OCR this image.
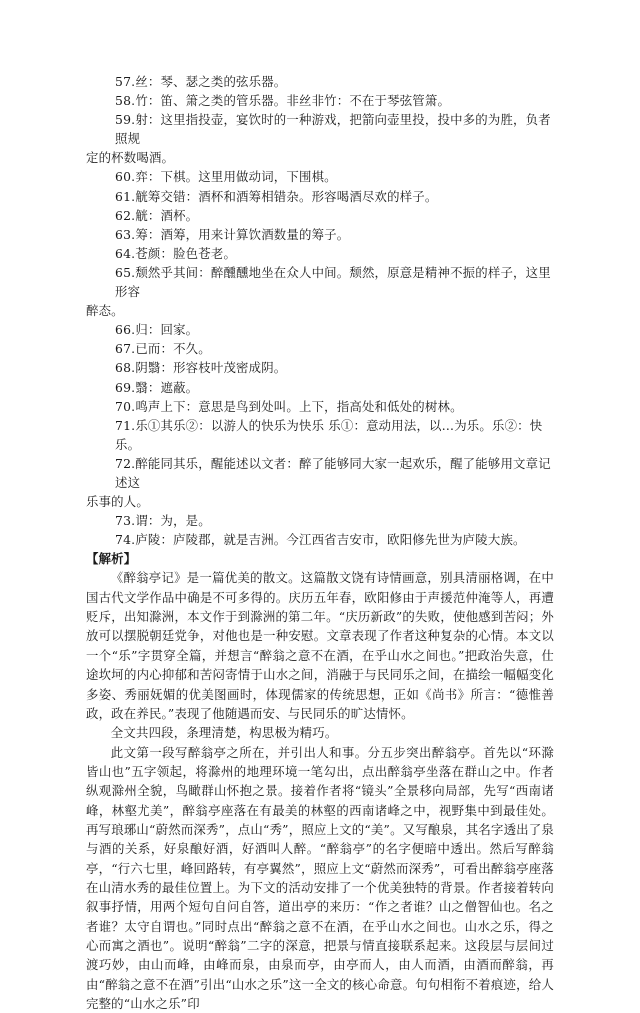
57.丝：琴、瑟之类的弦乐器。
58.竹：笛、箫之类的管乐器。非丝非竹：不在于琴弦管箫。
59.射：这里指投壶，宴饮时的一种游戏，把箭向壶里投，投中多的为胜，负者照规
定的杯数喝酒。
60.弈：下棋。这里用做动词，下围棋。
61.觥筹交错：酒杯和酒筹相错杂。形容喝酒尽欢的样子。
62.觥：酒杯。
63.筹：酒筹，用来计算饮酒数量的筹子。
64.苍颜：脸色苍老。
65.颓然乎其间：醉醺醺地坐在众人中间。颓然，原意是精神不振的样子，这里形容
醉态。
66.归：回家。
67.已而：不久。
68.阴翳：形容枝叶茂密成阴。
69.翳：遮蔽。
70.鸣声上下：意思是鸟到处叫。上下，指高处和低处的树林。
71.乐①其乐②：以游人的快乐为快乐 乐①：意动用法，以…为乐。乐②：快乐。
72.醉能同其乐，醒能述以文者：醉了能够同大家一起欢乐，醒了能够用文章记述这
乐事的人。
73.谓：为，是。
74.庐陵：庐陵郡，就是吉洲。今江西省吉安市，欧阳修先世为庐陵大族。
【解析】
《醉翁亭记》是一篇优美的散文。这篇散文饶有诗情画意，别具清丽格调，在中国古代文学作品中确是不可多得的。庆历五年春，欧阳修由于声援范仲淹等人，再遭贬斥，出知滁洲，本文作于到滁洲的第二年。“庆历新政”的失败，使他感到苦闷；外放可以摆脱朝廷党争，对他也是一种安慰。文章表现了作者这种复杂的心情。本文以一个“乐”字贯穿全篇，并想言“醉翁之意不在酒，在乎山水之间也。”把政治失意，仕途坎坷的内心抑郁和苦闷寄情于山水之间，消融于与民同乐之间，在描绘一幅幅变化多姿、秀丽妩媚的优美图画时，体现儒家的传统思想，正如《尚书》所言：“德惟善政，政在养民。”表现了他随遇而安、与民同乐的旷达情怀。
全文共四段，条理清楚，构思极为精巧。
此文第一段写醉翁亭之所在，并引出人和事。分五步突出醉翁亭。首先以“环滁皆山也”五字领起，将滁州的地理环境一笔勾出，点出醉翁亭坐落在群山之中。作者纵观滁州全貌，鸟瞰群山怀抱之景。接着作者将“镜头”全景移向局部，先写“西南诸峰，林壑尤美”，醉翁亭座落在有最美的林壑的西南诸峰之中，视野集中到最佳处。再写琅琊山“蔚然而深秀”，点山“秀”，照应上文的“美”。又写酿泉，其名字透出了泉与酒的关系，好泉酿好酒，好酒叫人醉。“醉翁亭”的名字便暗中透出。然后写醉翁亭，“行六七里，峰回路转，有亭翼然”，照应上文“蔚然而深秀”，可看出醉翁亭座落在山清水秀的最佳位置上。为下文的活动安排了一个优美独特的背景。作者接着转向叙事抒情，用两个短句自问自答，道出亭的来历：“作之者谁？山之僧智仙也。名之者谁？太守自谓也。”同时点出“醉翁之意不在酒，在乎山水之间也。山水之乐，得之心而寓之酒也”。说明“醉翁”二字的深意，把景与情直接联系起来。这段层与层间过渡巧妙，由山而峰，由峰而泉，由泉而亭，由亭而人，由人而酒，由酒而醉翁，再由“醉翁之意不在酒”引出“山水之乐”这一全文的核心命意。句句相衔不着痕迹，给人完整的“山水之乐”印
